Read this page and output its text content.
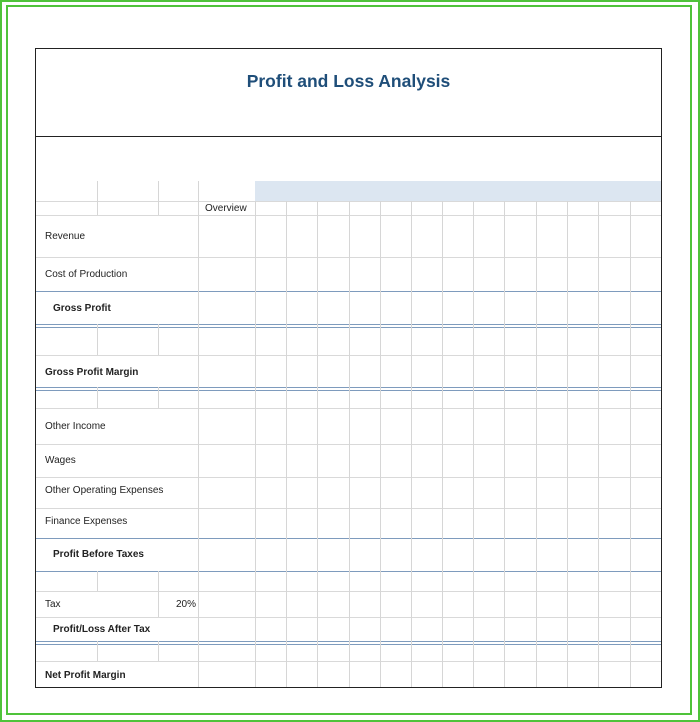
Profit and Loss Analysis
Overview
Revenue
Cost of Production
Gross Profit
Gross Profit Margin
Other Income
Wages
Other Operating Expenses
Finance Expenses
Profit Before Taxes
Tax	20%
Profit/Loss After Tax
Net Profit Margin
